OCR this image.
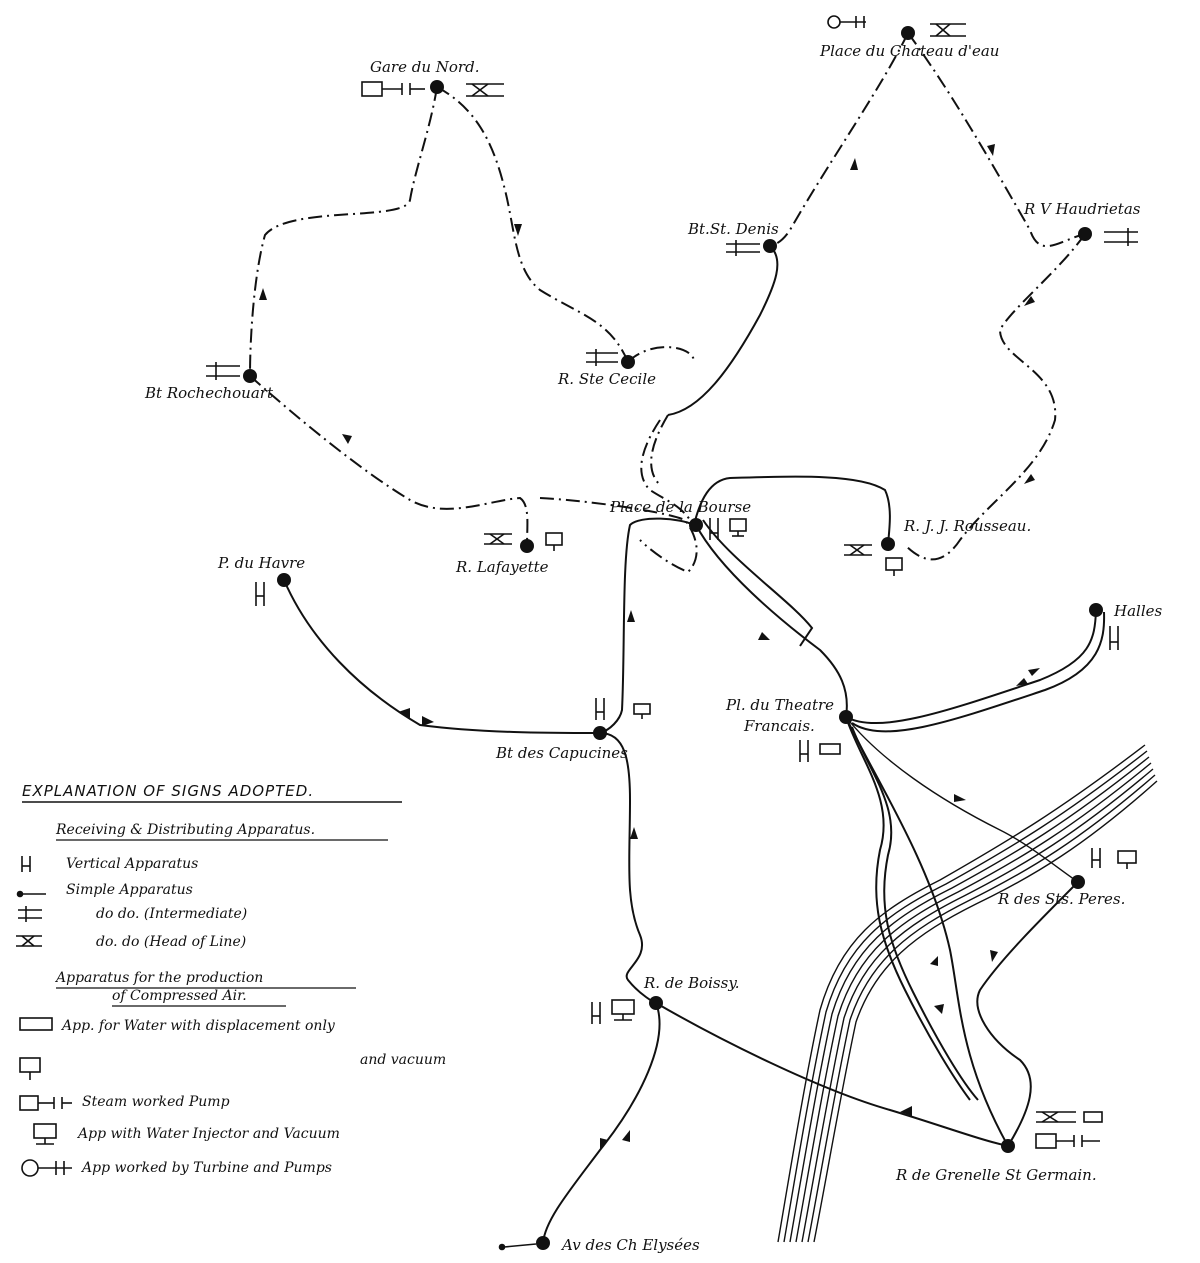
Gare du Nord.
Place du Chateau d'eau
Bt.St. Denis
R V Haudrietas
Bt Rochechouart
R. Ste Cecile
Place de la Bourse
R. J. J. Rousseau.
P. du Havre	R. Lafayette
Halles
Pl. du Theatre
Francais.
Bt des Capucines
R des Sts. Peres.
R. de Boissy.
R de Grenelle St Germain.
Av des Ch Elysées
EXPLANATION OF SIGNS ADOPTED.
Receiving & Distributing Apparatus.
Vertical Apparatus
Simple Apparatus
do do. (Intermediate)
do. do (Head of Line)
Apparatus for the production
of Compressed Air.
App. for Water with displacement only
and vacuum
Steam worked Pump
App with Water Injector and Vacuum
App worked by Turbine and Pumps
